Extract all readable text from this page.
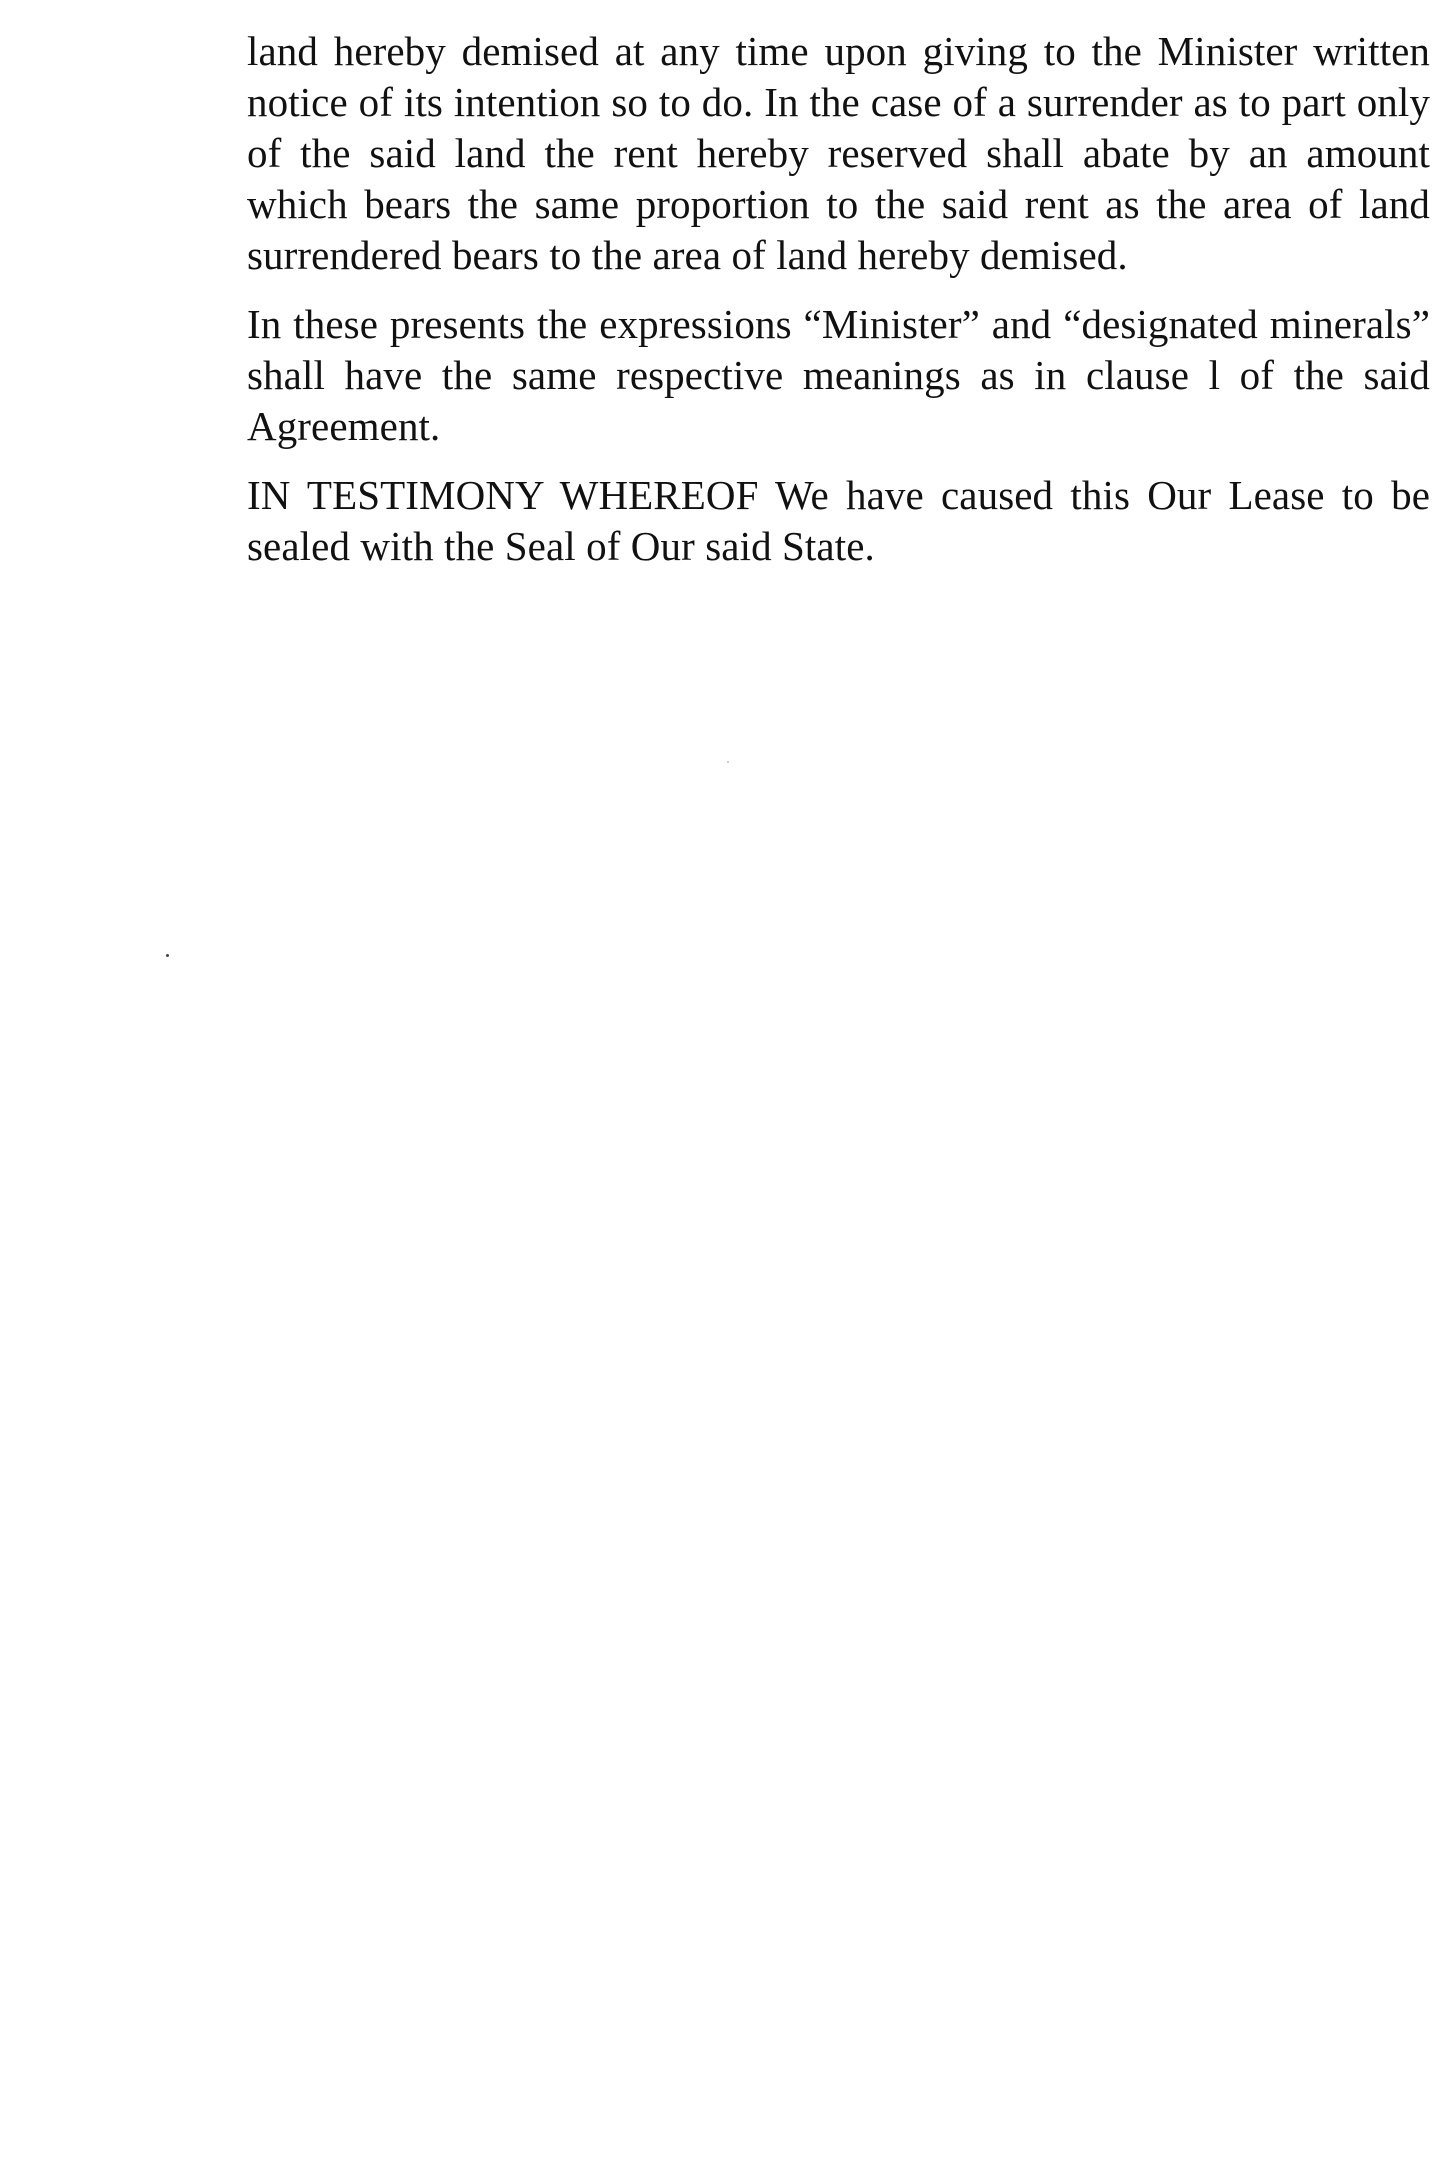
land hereby demised at any time upon giving to the Minister written notice of its intention so to do. In the case of a surrender as to part only of the said land the rent hereby reserved shall abate by an amount which bears the same proportion to the said rent as the area of land surrendered bears to the area of land hereby demised.

In these presents the expressions “Minister” and “designated minerals” shall have the same respective meanings as in clause l of the said Agreement.

IN TESTIMONY WHEREOF We have caused this Our Lease to be sealed with the Seal of Our said State.
